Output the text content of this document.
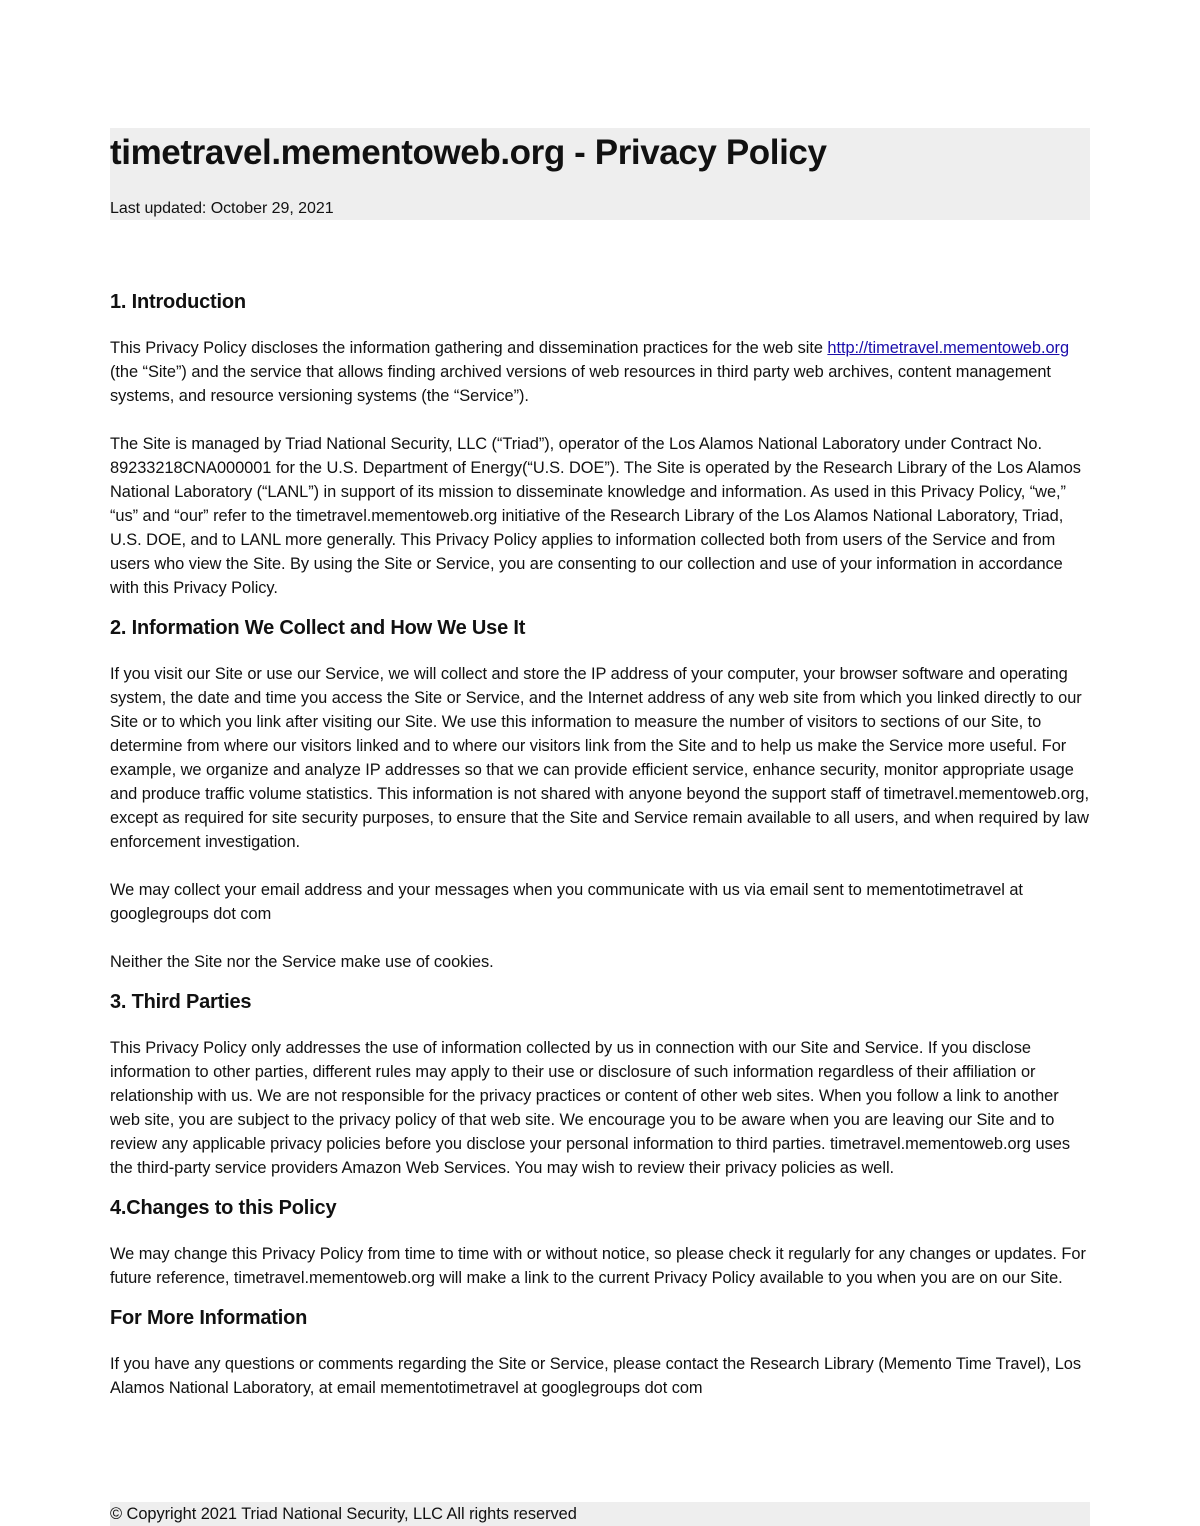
timetravel.mementoweb.org - Privacy Policy

Last updated: October 29, 2021

1. Introduction

This Privacy Policy discloses the information gathering and dissemination practices for the web site http://timetravel.mementoweb.org (the “Site”) and the service that allows finding archived versions of web resources in third party web archives, content management systems, and resource versioning systems (the “Service”).

The Site is managed by Triad National Security, LLC (“Triad”), operator of the Los Alamos National Laboratory under Contract No. 89233218CNA000001 for the U.S. Department of Energy(“U.S. DOE”). The Site is operated by the Research Library of the Los Alamos National Laboratory (“LANL”) in support of its mission to disseminate knowledge and information. As used in this Privacy Policy, “we,” “us” and “our” refer to the timetravel.mementoweb.org initiative of the Research Library of the Los Alamos National Laboratory, Triad, U.S. DOE, and to LANL more generally. This Privacy Policy applies to information collected both from users of the Service and from users who view the Site. By using the Site or Service, you are consenting to our collection and use of your information in accordance with this Privacy Policy.

2. Information We Collect and How We Use It

If you visit our Site or use our Service, we will collect and store the IP address of your computer, your browser software and operating system, the date and time you access the Site or Service, and the Internet address of any web site from which you linked directly to our Site or to which you link after visiting our Site. We use this information to measure the number of visitors to sections of our Site, to determine from where our visitors linked and to where our visitors link from the Site and to help us make the Service more useful. For example, we organize and analyze IP addresses so that we can provide efficient service, enhance security, monitor appropriate usage and produce traffic volume statistics. This information is not shared with anyone beyond the support staff of timetravel.mementoweb.org, except as required for site security purposes, to ensure that the Site and Service remain available to all users, and when required by law enforcement investigation.

We may collect your email address and your messages when you communicate with us via email sent to mementotimetravel at googlegroups dot com

Neither the Site nor the Service make use of cookies.

3. Third Parties

This Privacy Policy only addresses the use of information collected by us in connection with our Site and Service. If you disclose information to other parties, different rules may apply to their use or disclosure of such information regardless of their affiliation or relationship with us. We are not responsible for the privacy practices or content of other web sites. When you follow a link to another web site, you are subject to the privacy policy of that web site. We encourage you to be aware when you are leaving our Site and to review any applicable privacy policies before you disclose your personal information to third parties. timetravel.mementoweb.org uses the third-party service providers Amazon Web Services. You may wish to review their privacy policies as well.

4.Changes to this Policy

We may change this Privacy Policy from time to time with or without notice, so please check it regularly for any changes or updates. For future reference, timetravel.mementoweb.org will make a link to the current Privacy Policy available to you when you are on our Site.

For More Information

If you have any questions or comments regarding the Site or Service, please contact the Research Library (Memento Time Travel), Los Alamos National Laboratory, at email mementotimetravel at googlegroups dot com

© Copyright 2021 Triad National Security, LLC All rights reserved
